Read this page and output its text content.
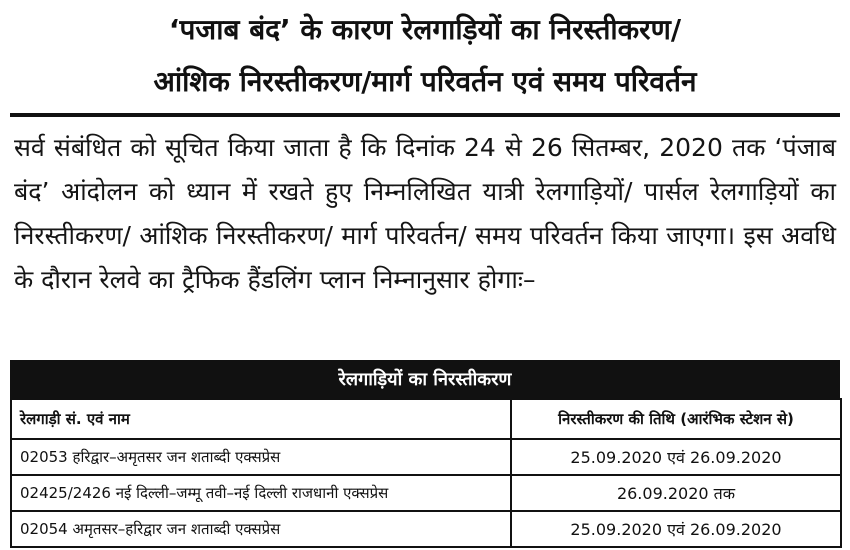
‘पजाब बंद’ के कारण रेलगाड़ियों का निरस्तीकरण/
आंशिक निरस्तीकरण/मार्ग परिवर्तन एवं समय परिवर्तन
सर्व संबंधित को सूचित किया जाता है कि दिनांक 24 से 26 सितम्बर, 2020 तक ‘पंजाब बंद’ आंदोलन को ध्यान में रखते हुए निम्नलिखित यात्री रेलगाड़ियों/ पार्सल रेलगाड़ियों का निरस्तीकरण/ आंशिक निरस्तीकरण/ मार्ग परिवर्तन/ समय परिवर्तन किया जाएगा। इस अवधि के दौरान रेलवे का ट्रैफिक हैंडलिंग प्लान निम्नानुसार होगाः–
रेलगाड़ियों का निरस्तीकरण
रेलगाड़ी सं. एवं नाम	निरस्तीकरण की तिथि (आरंभिक स्टेशन से)
02053 हरिद्वार–अमृतसर जन शताब्दी एक्सप्रेस	25.09.2020 एवं 26.09.2020
02425/2426 नई दिल्ली–जम्मू तवी–नई दिल्ली राजधानी एक्सप्रेस	26.09.2020 तक
02054 अमृतसर–हरिद्वार जन शताब्दी एक्सप्रेस	25.09.2020 एवं 26.09.2020
